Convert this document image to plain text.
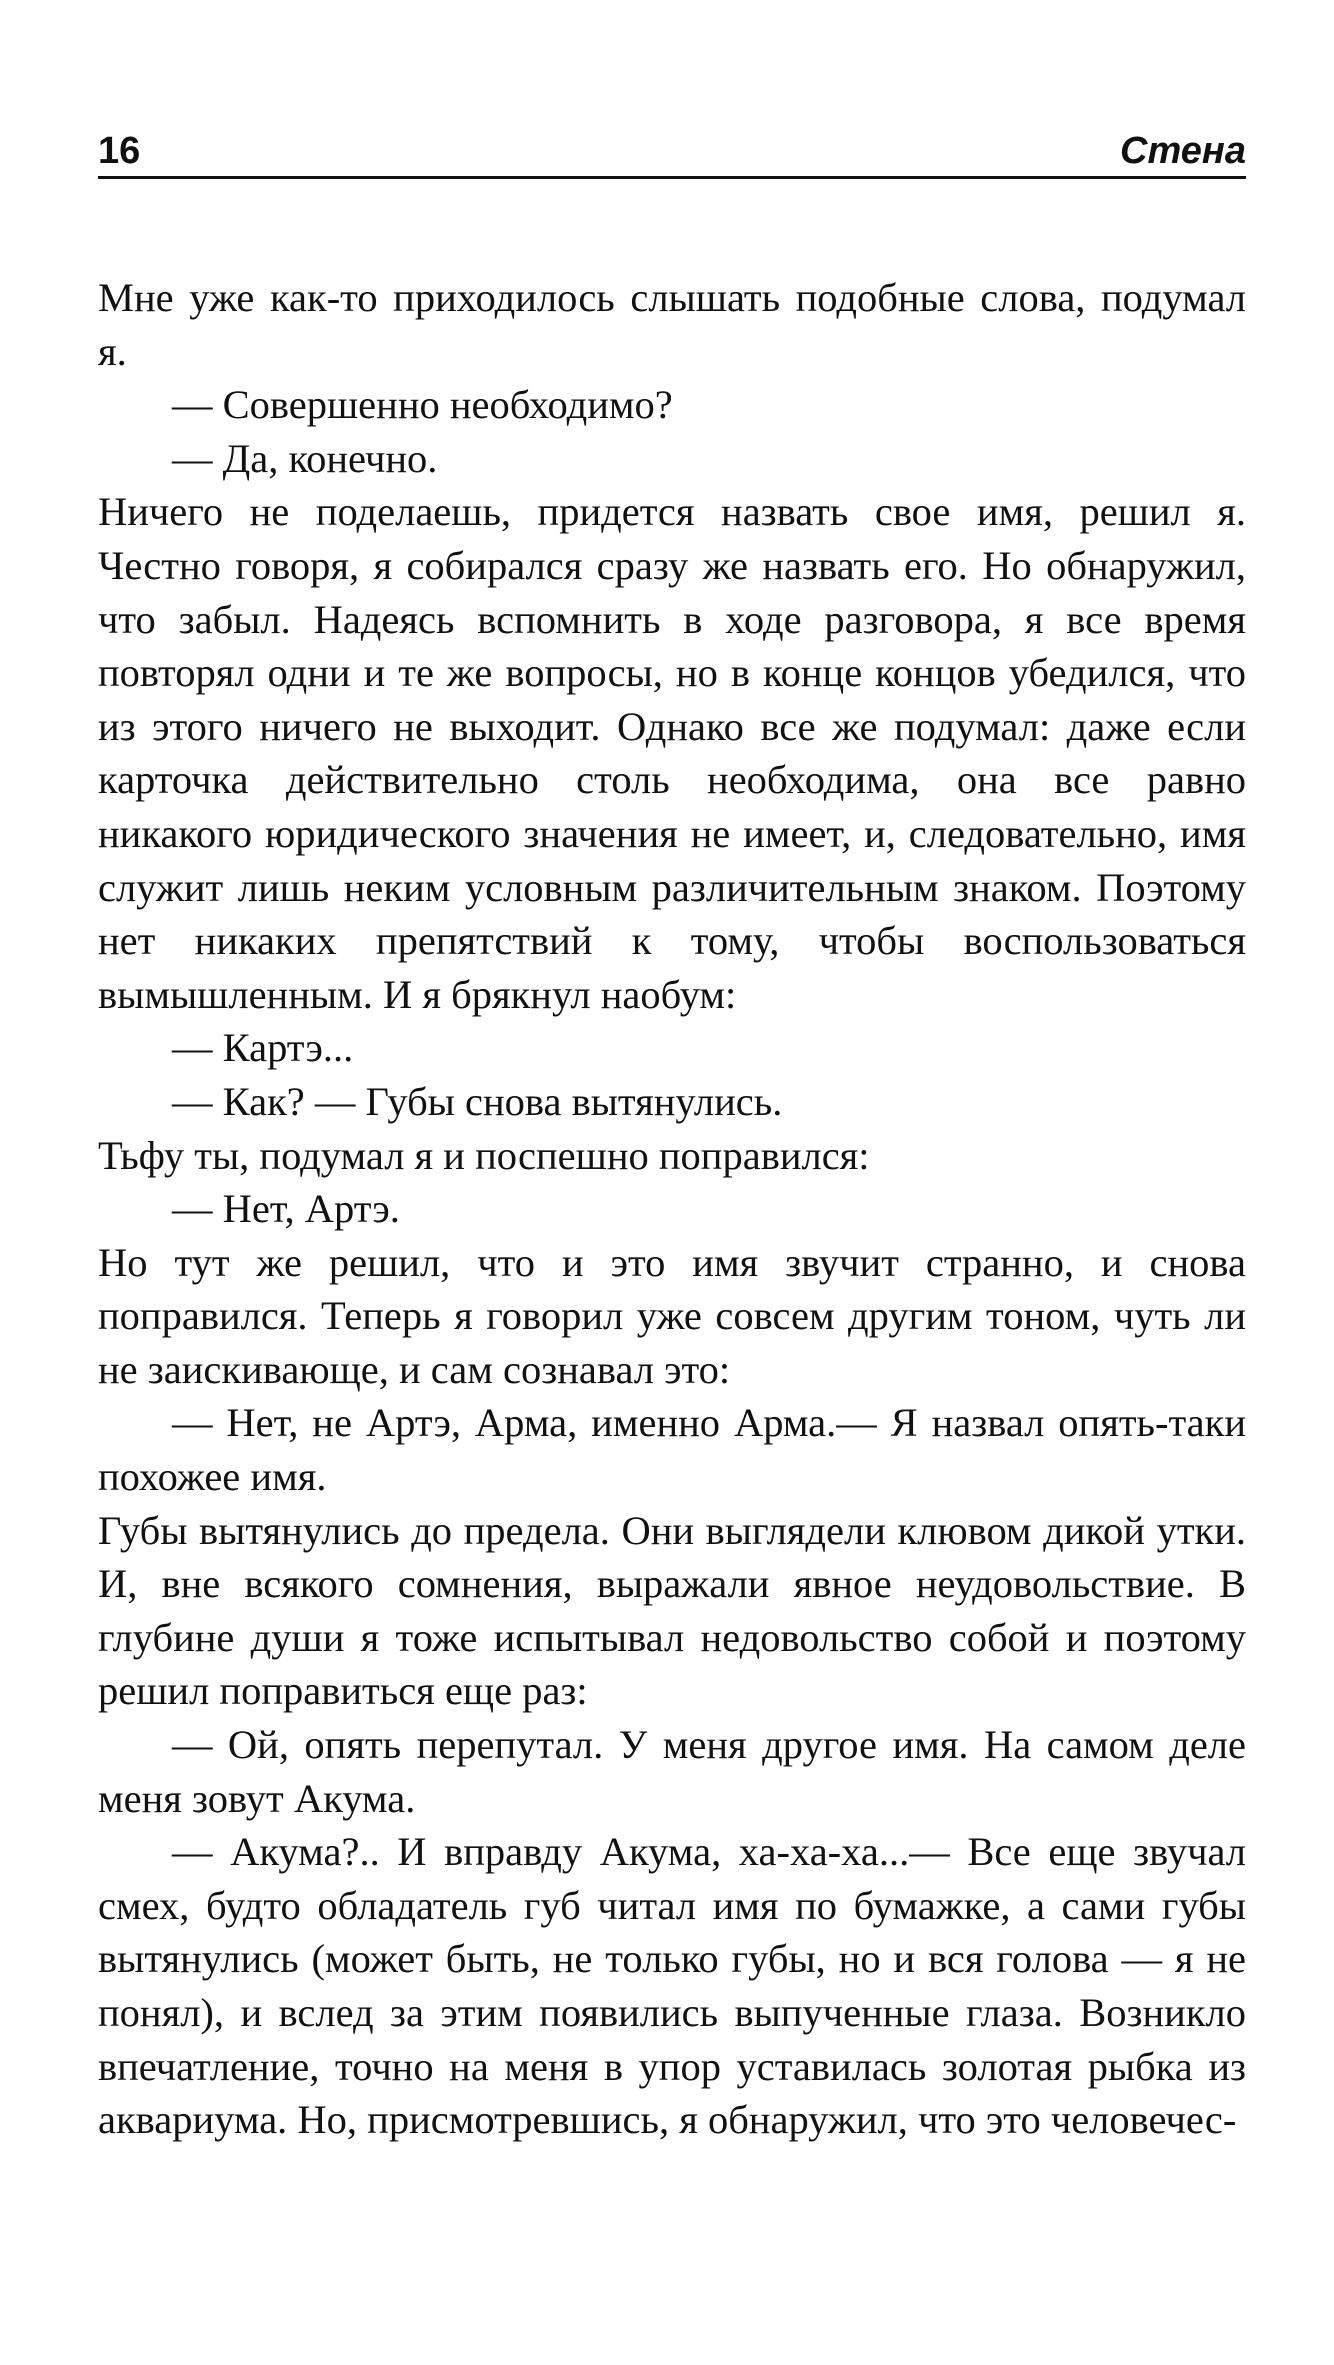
16	Стена

Мне уже как-то приходилось слышать подобные слова, подумал я.

— Совершенно необходимо?

— Да, конечно.

Ничего не поделаешь, придется назвать свое имя, решил я. Честно говоря, я собирался сразу же назвать его. Но обнаружил, что забыл. Надеясь вспомнить в ходе разговора, я все время повторял одни и те же вопросы, но в конце концов убедился, что из этого ничего не выходит. Однако все же подумал: даже если карточка действительно столь необходима, она все равно никакого юридического значения не имеет, и, следовательно, имя служит лишь неким условным различительным знаком. Поэтому нет никаких препятствий к тому, чтобы воспользоваться вымышленным. И я брякнул наобум:

— Картэ...

— Как? — Губы снова вытянулись.

Тьфу ты, подумал я и поспешно поправился:

— Нет, Артэ.

Но тут же решил, что и это имя звучит странно, и снова поправился. Теперь я говорил уже совсем другим тоном, чуть ли не заискивающе, и сам сознавал это:

— Нет, не Артэ, Арма, именно Арма.— Я назвал опять-таки похожее имя.

Губы вытянулись до предела. Они выглядели клювом дикой утки. И, вне всякого сомнения, выражали явное неудовольствие. В глубине души я тоже испытывал недовольство собой и поэтому решил поправиться еще раз:

— Ой, опять перепутал. У меня другое имя. На самом деле меня зовут Акума.

— Акума?.. И вправду Акума, ха-ха-ха...— Все еще звучал смех, будто обладатель губ читал имя по бумажке, а сами губы вытянулись (может быть, не только губы, но и вся голова — я не понял), и вслед за этим появились выпученные глаза. Возникло впечатление, точно на меня в упор уставилась золотая рыбка из аквариума. Но, присмотревшись, я обнаружил, что это человечес-
